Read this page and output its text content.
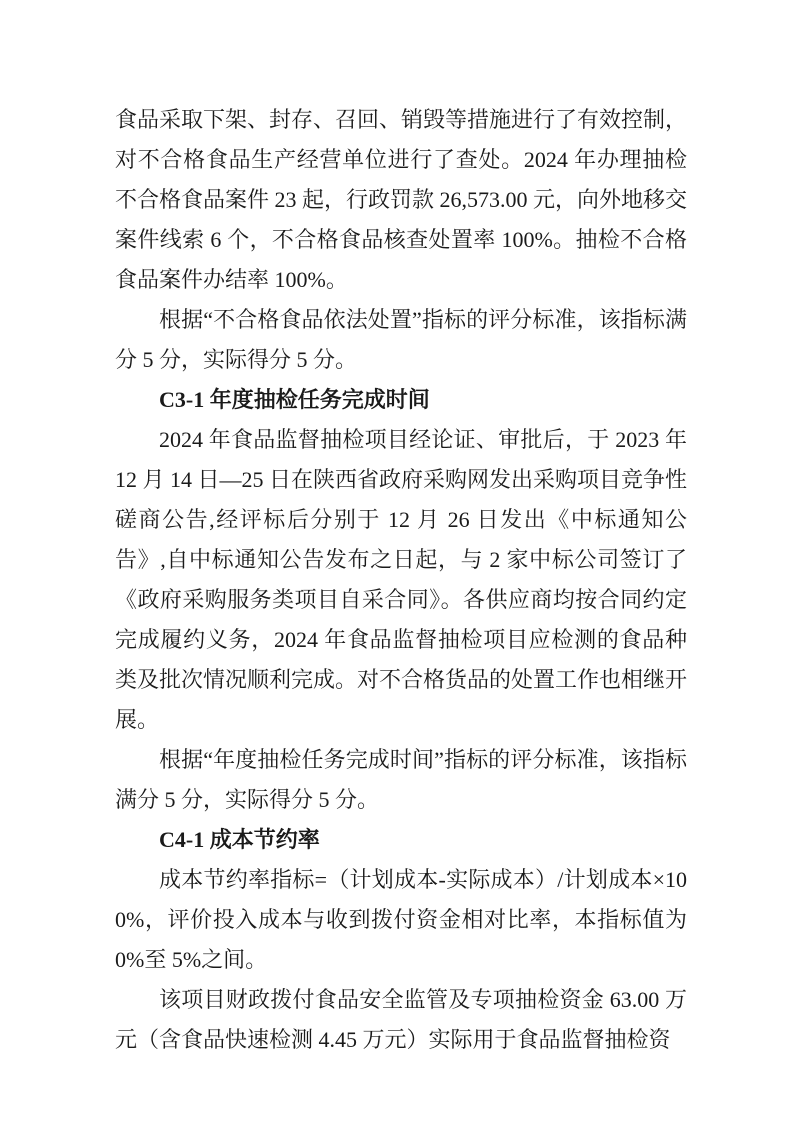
食品采取下架、封存、召回、销毁等措施进行了有效控制，对不合格食品生产经营单位进行了查处。2024 年办理抽检不合格食品案件 23 起，行政罚款 26,573.00 元，向外地移交案件线索 6 个，不合格食品核查处置率 100%。抽检不合格食品案件办结率 100%。

根据“不合格食品依法处置”指标的评分标准，该指标满分 5 分，实际得分 5 分。

C3-1 年度抽检任务完成时间

2024 年食品监督抽检项目经论证、审批后，于 2023 年 12 月 14 日—25 日在陕西省政府采购网发出采购项目竞争性磋商公告,经评标后分别于 12 月 26 日发出《中标通知公告》,自中标通知公告发布之日起，与 2 家中标公司签订了《政府采购服务类项目自采合同》。各供应商均按合同约定完成履约义务，2024 年食品监督抽检项目应检测的食品种类及批次情况顺利完成。对不合格货品的处置工作也相继开展。

根据“年度抽检任务完成时间”指标的评分标准，该指标满分 5 分，实际得分 5 分。

C4-1 成本节约率

成本节约率指标=（计划成本-实际成本）/计划成本×100%，评价投入成本与收到拨付资金相对比率，本指标值为 0%至 5%之间。

该项目财政拨付食品安全监管及专项抽检资金 63.00 万元（含食品快速检测 4.45 万元）实际用于食品监督抽检资
